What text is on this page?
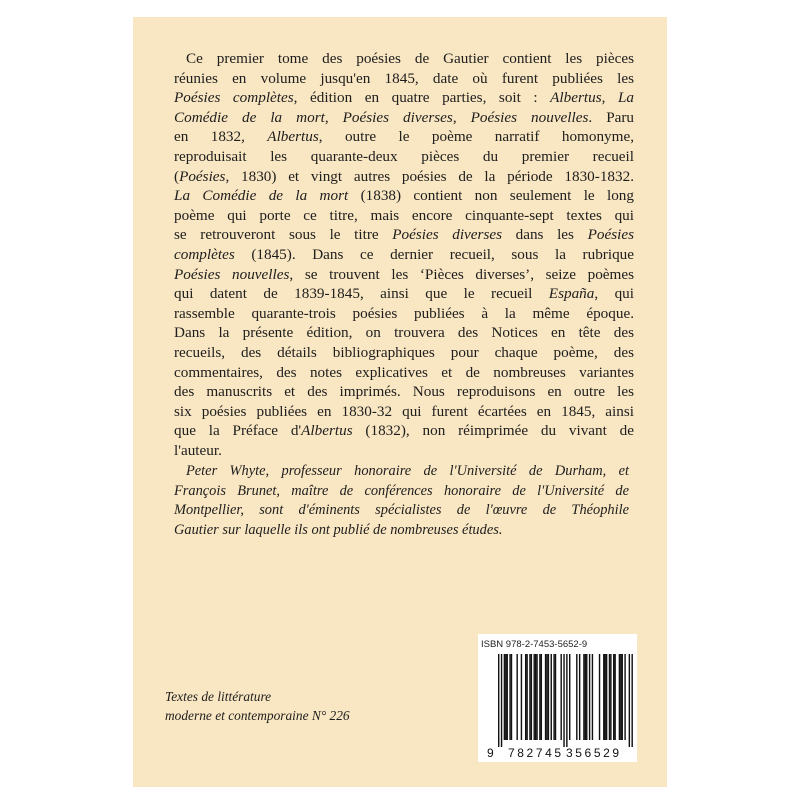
Ce premier tome des poésies de Gautier contient les pièces
réunies en volume jusqu'en 1845, date où furent publiées les
Poésies complètes, édition en quatre parties, soit : Albertus, La
Comédie de la mort, Poésies diverses, Poésies nouvelles. Paru
en 1832, Albertus, outre le poème narratif homonyme,
reproduisait les quarante-deux pièces du premier recueil
(Poésies, 1830) et vingt autres poésies de la période 1830-1832.
La Comédie de la mort (1838) contient non seulement le long
poème qui porte ce titre, mais encore cinquante-sept textes qui
se retrouveront sous le titre Poésies diverses dans les Poésies
complètes (1845). Dans ce dernier recueil, sous la rubrique
Poésies nouvelles, se trouvent les ‘Pièces diverses’, seize poèmes
qui datent de 1839-1845, ainsi que le recueil España, qui
rassemble quarante-trois poésies publiées à la même époque.
Dans la présente édition, on trouvera des Notices en tête des
recueils, des détails bibliographiques pour chaque poème, des
commentaires, des notes explicatives et de nombreuses variantes
des manuscrits et des imprimés. Nous reproduisons en outre les
six poésies publiées en 1830-32 qui furent écartées en 1845, ainsi
que la Préface d'Albertus (1832), non réimprimée du vivant de
l'auteur.
Peter Whyte, professeur honoraire de l'Université de Durham, et
François Brunet, maître de conférences honoraire de l'Université de
Montpellier, sont d'éminents spécialistes de l'œuvre de Théophile
Gautier sur laquelle ils ont publié de nombreuses études.
Textes de littérature
moderne et contemporaine N° 226
ISBN 978-2-7453-5652-9
9 782745 356529
